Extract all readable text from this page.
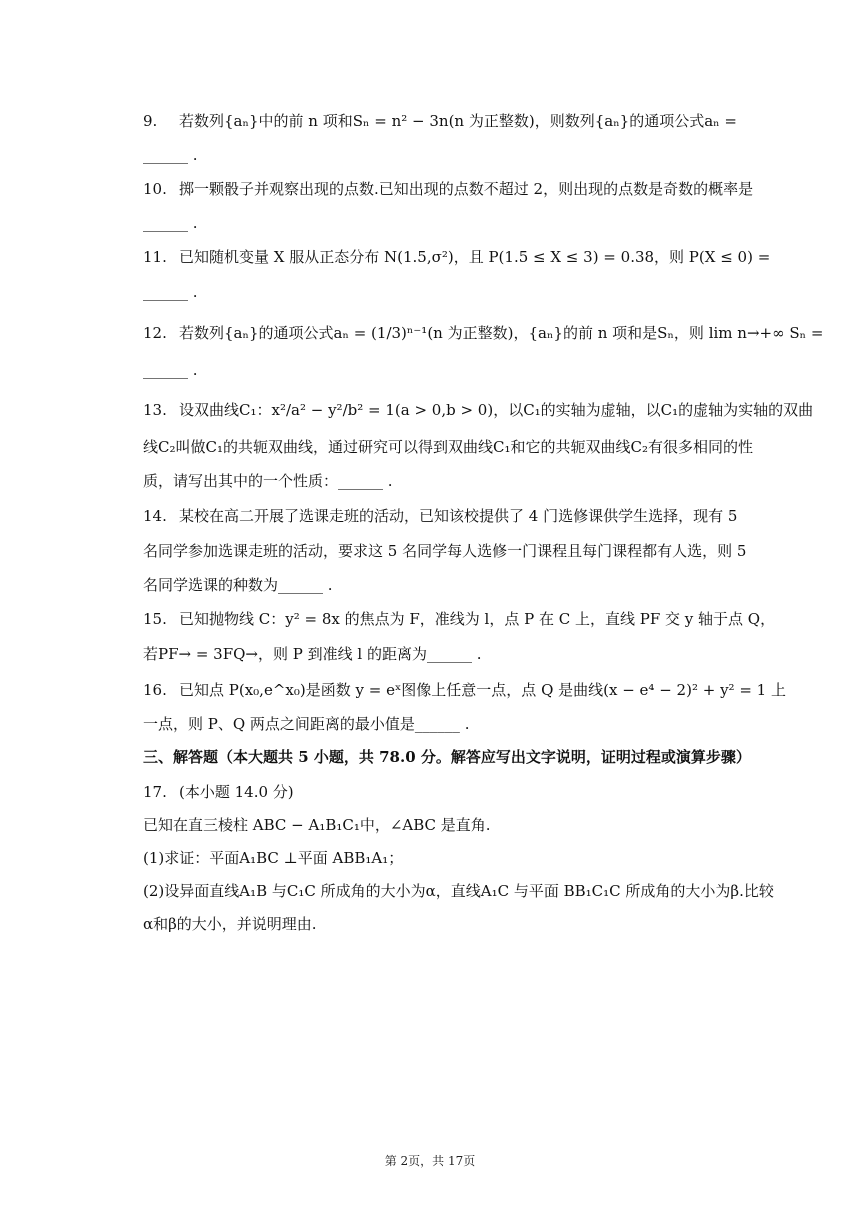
9. 若数列{aₙ}中的前 n 项和Sₙ = n² − 3n(n 为正整数)，则数列{aₙ}的通项公式aₙ =
______ .
10. 掷一颗骰子并观察出现的点数.已知出现的点数不超过 2，则出现的点数是奇数的概率是
______ .
11. 已知随机变量 X 服从正态分布 N(1.5,σ²)，且 P(1.5 ≤ X ≤ 3) = 0.38，则 P(X ≤ 0) =
______ .
12. 若数列{aₙ}的通项公式aₙ = (1/3)ⁿ⁻¹(n 为正整数)，{aₙ}的前 n 项和是Sₙ，则 lim n→+∞ Sₙ =
______ .
13. 设双曲线C₁：x²/a² − y²/b² = 1(a > 0,b > 0)，以C₁的实轴为虚轴，以C₁的虚轴为实轴的双曲
线C₂叫做C₁的共轭双曲线，通过研究可以得到双曲线C₁和它的共轭双曲线C₂有很多相同的性
质，请写出其中的一个性质：______ .
14. 某校在高二开展了选课走班的活动，已知该校提供了 4 门选修课供学生选择，现有 5
名同学参加选课走班的活动，要求这 5 名同学每人选修一门课程且每门课程都有人选，则 5
名同学选课的种数为______ .
15. 已知抛物线 C：y² = 8x 的焦点为 F，准线为 l，点 P 在 C 上，直线 PF 交 y 轴于点 Q，
若PF→ = 3FQ→，则 P 到准线 l 的距离为______ .
16. 已知点 P(x₀,e^x₀)是函数 y = eˣ图像上任意一点，点 Q 是曲线(x − e⁴ − 2)² + y² = 1 上
一点，则 P、Q 两点之间距离的最小值是______ .
三、解答题（本大题共 5 小题，共 78.0 分。解答应写出文字说明，证明过程或演算步骤）
17. (本小题 14.0 分)
已知在直三棱柱 ABC − A₁B₁C₁中，∠ABC 是直角.
(1)求证：平面A₁BC ⊥平面 ABB₁A₁；
(2)设异面直线A₁B 与C₁C 所成角的大小为α，直线A₁C 与平面 BB₁C₁C 所成角的大小为β.比较
α和β的大小，并说明理由.
第 2页，共 17页
